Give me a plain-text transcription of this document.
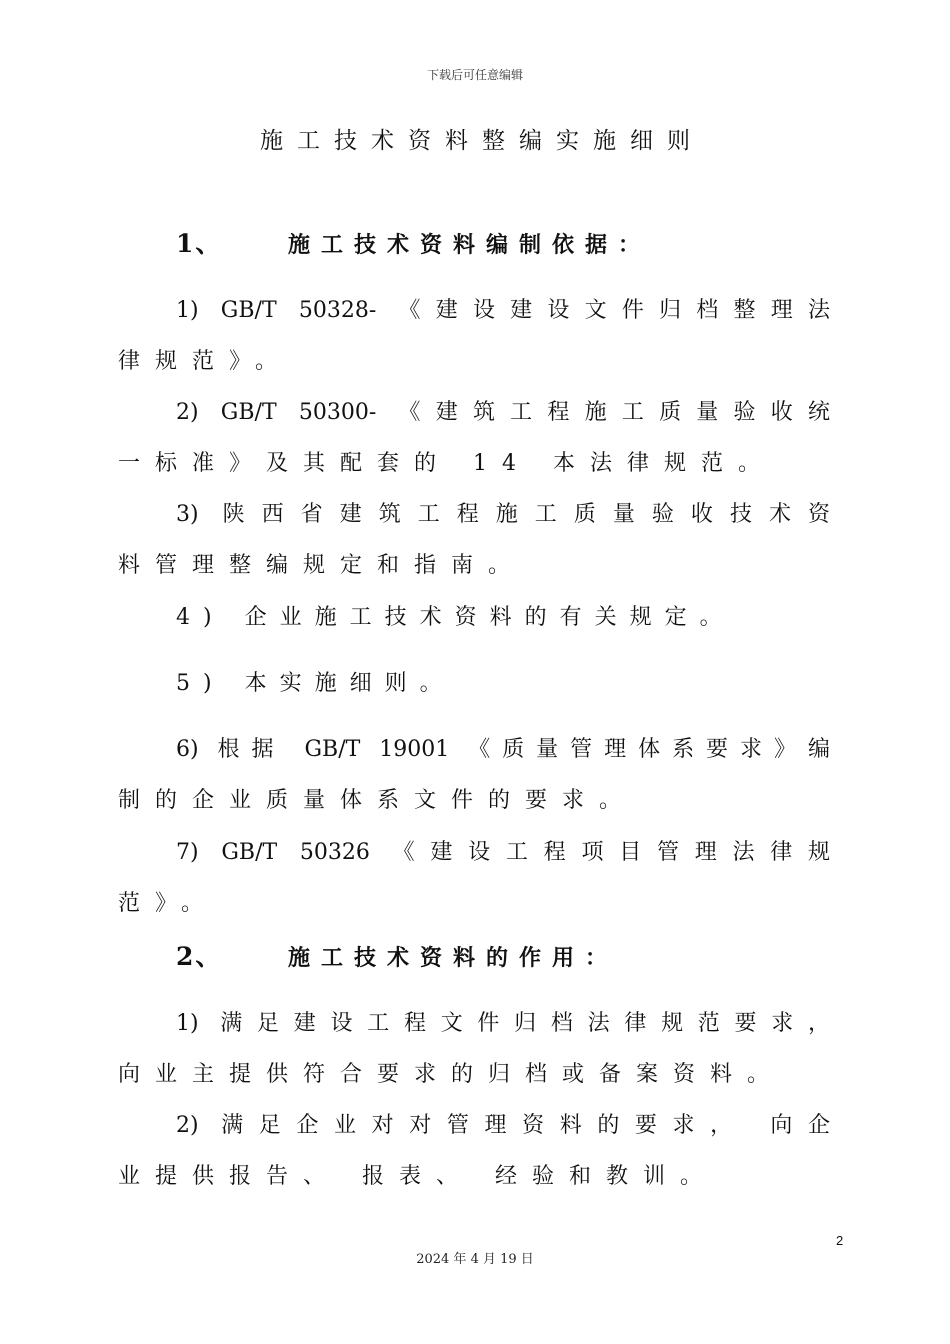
下载后可任意编辑
施工技术资料整编实施细则
1、	施工技术资料编制依据：
1) GB/T 50328- 《建设建设文件归档整理法
律规范》。
2) GB/T 50300- 《建筑工程施工质量验收统
一标准》及其配套的 14 本法律规范。
3) 陕西省建筑工程施工质量验收技术资
料管理整编规定和指南。
4) 企业施工技术资料的有关规定。
5) 本实施细则。
6) 根据 GB/T 19001 《质量管理体系要求》编
制的企业质量体系文件的要求。
7) GB/T 50326 《建设工程项目管理法律规
范》。
2、	施工技术资料的作用：
1) 满足建设工程文件归档法律规范要求，
向业主提供符合要求的归档或备案资料。
2) 满足企业对对管理资料的要求， 向企
业提供报告、 报表、 经验和教训。
2
2024 年 4 月 19 日
